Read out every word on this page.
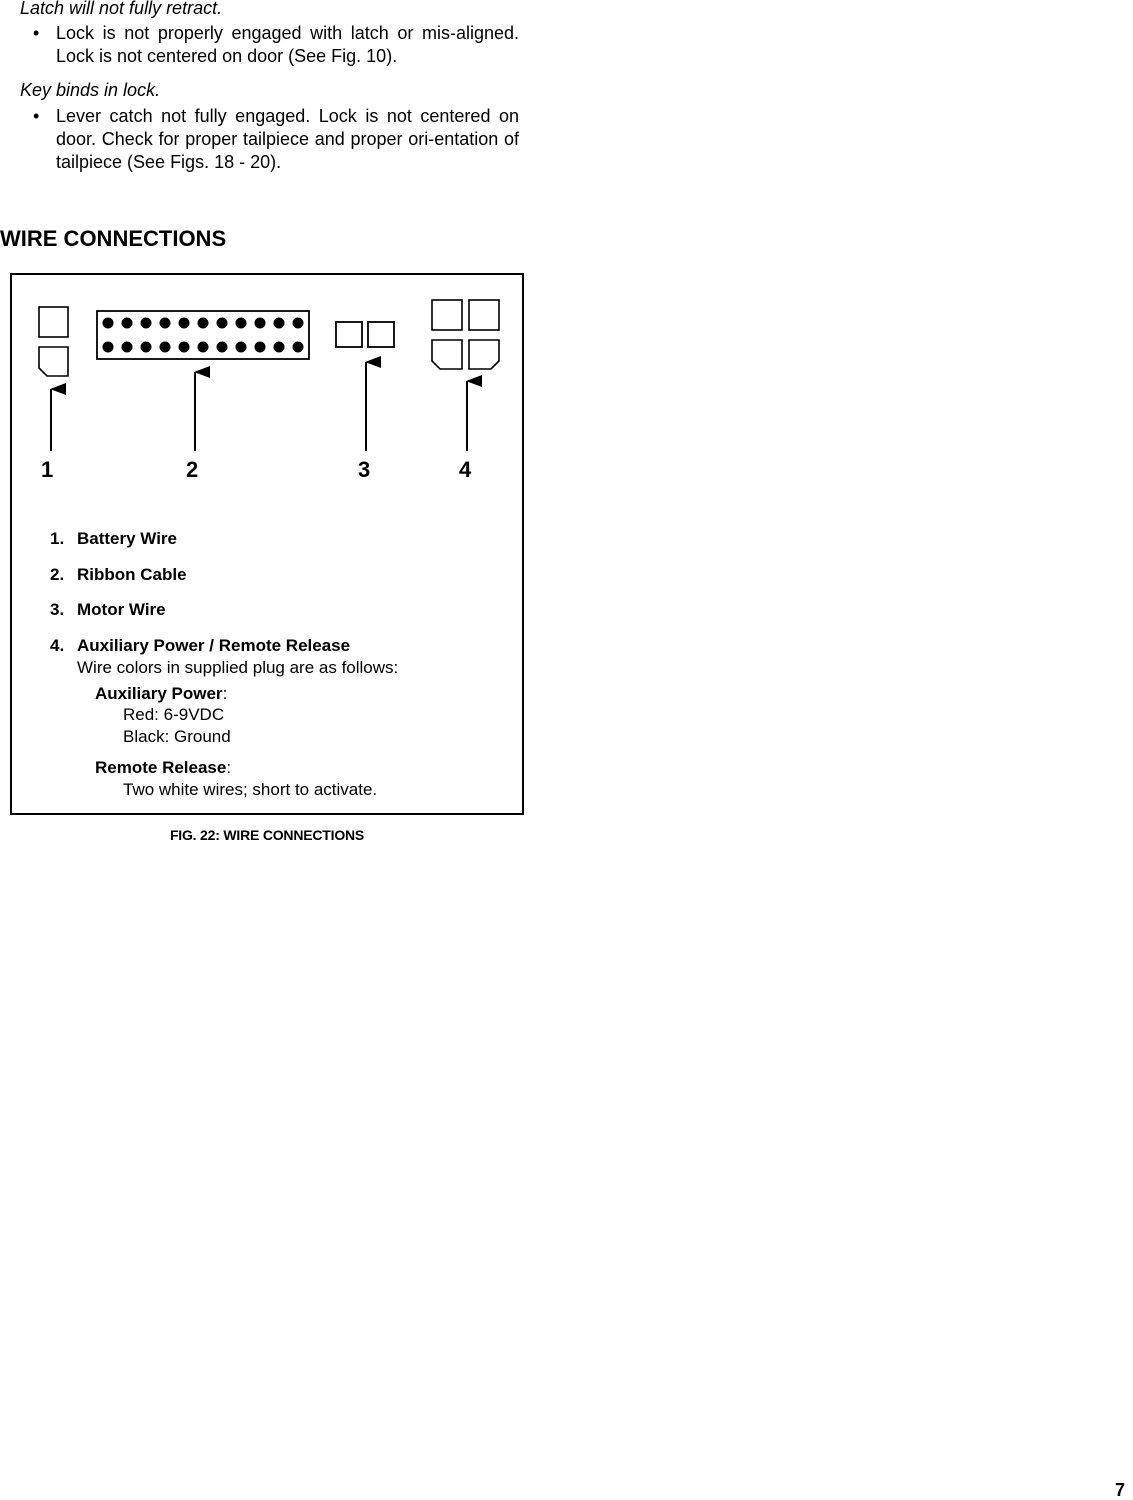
Latch will not fully retract.

• Lock is not properly engaged with latch or mis-aligned. Lock is not centered on door (See Fig. 10).

Key binds in lock.

• Lever catch not fully engaged. Lock is not centered on door. Check for proper tailpiece and proper ori-entation of tailpiece (See Figs. 18 - 20).
WIRE CONNECTIONS
1	2	3	4
1. Battery Wire
2. Ribbon Cable
3. Motor Wire
4. Auxiliary Power / Remote Release
Wire colors in supplied plug are as follows:
Auxiliary Power:
Red: 6-9VDC
Black: Ground
Remote Release:
Two white wires; short to activate.
FIG. 22: WIRE CONNECTIONS
7
